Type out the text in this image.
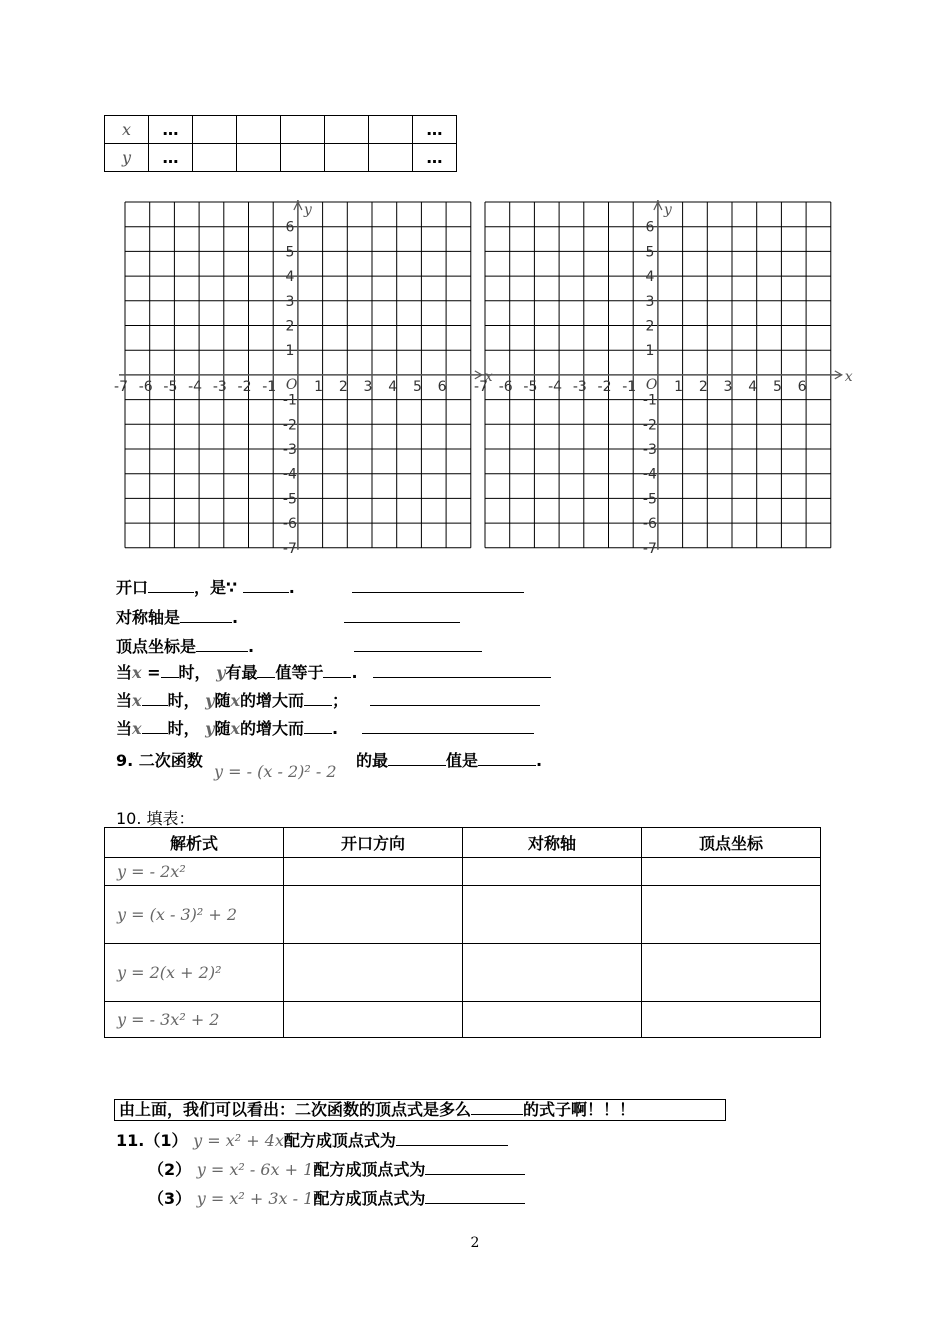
x	…						…
y	…						…
x
y
O
-7 -6 -5 -4 -3 -2 -1	1 2 3 4 5 6
6
5
4
3
2
1
-1
-2
-3
-4
-5
-6
-7
x
y
O
-7 -6 -5 -4 -3 -2 -1	1 2 3 4 5 6
6
5
4
3
2
1
-1
-2
-3
-4
-5
-6
-7
开口	，是∵	.
对称轴是	.
顶点坐标是	.
当x = 时， y有最 值等于 .
当x 时， y随x的增大而 ；
当x 时， y随x的增大而 .
9. 二次函数
y = - (x - 2)² - 2
的最	值是	.
10. 填表：
解析式	开口方向	对称轴	顶点坐标
y = - 2x²			
y = (x - 3)² + 2			
y = 2(x + 2)²			
y = - 3x² + 2			
由上面，我们可以看出：二次函数的顶点式是多么	的式子啊！！！
11.（1） y = x² + 4x配方成顶点式为
（2） y = x² - 6x + 1配方成顶点式为
（3） y = x² + 3x - 1配方成顶点式为
2
